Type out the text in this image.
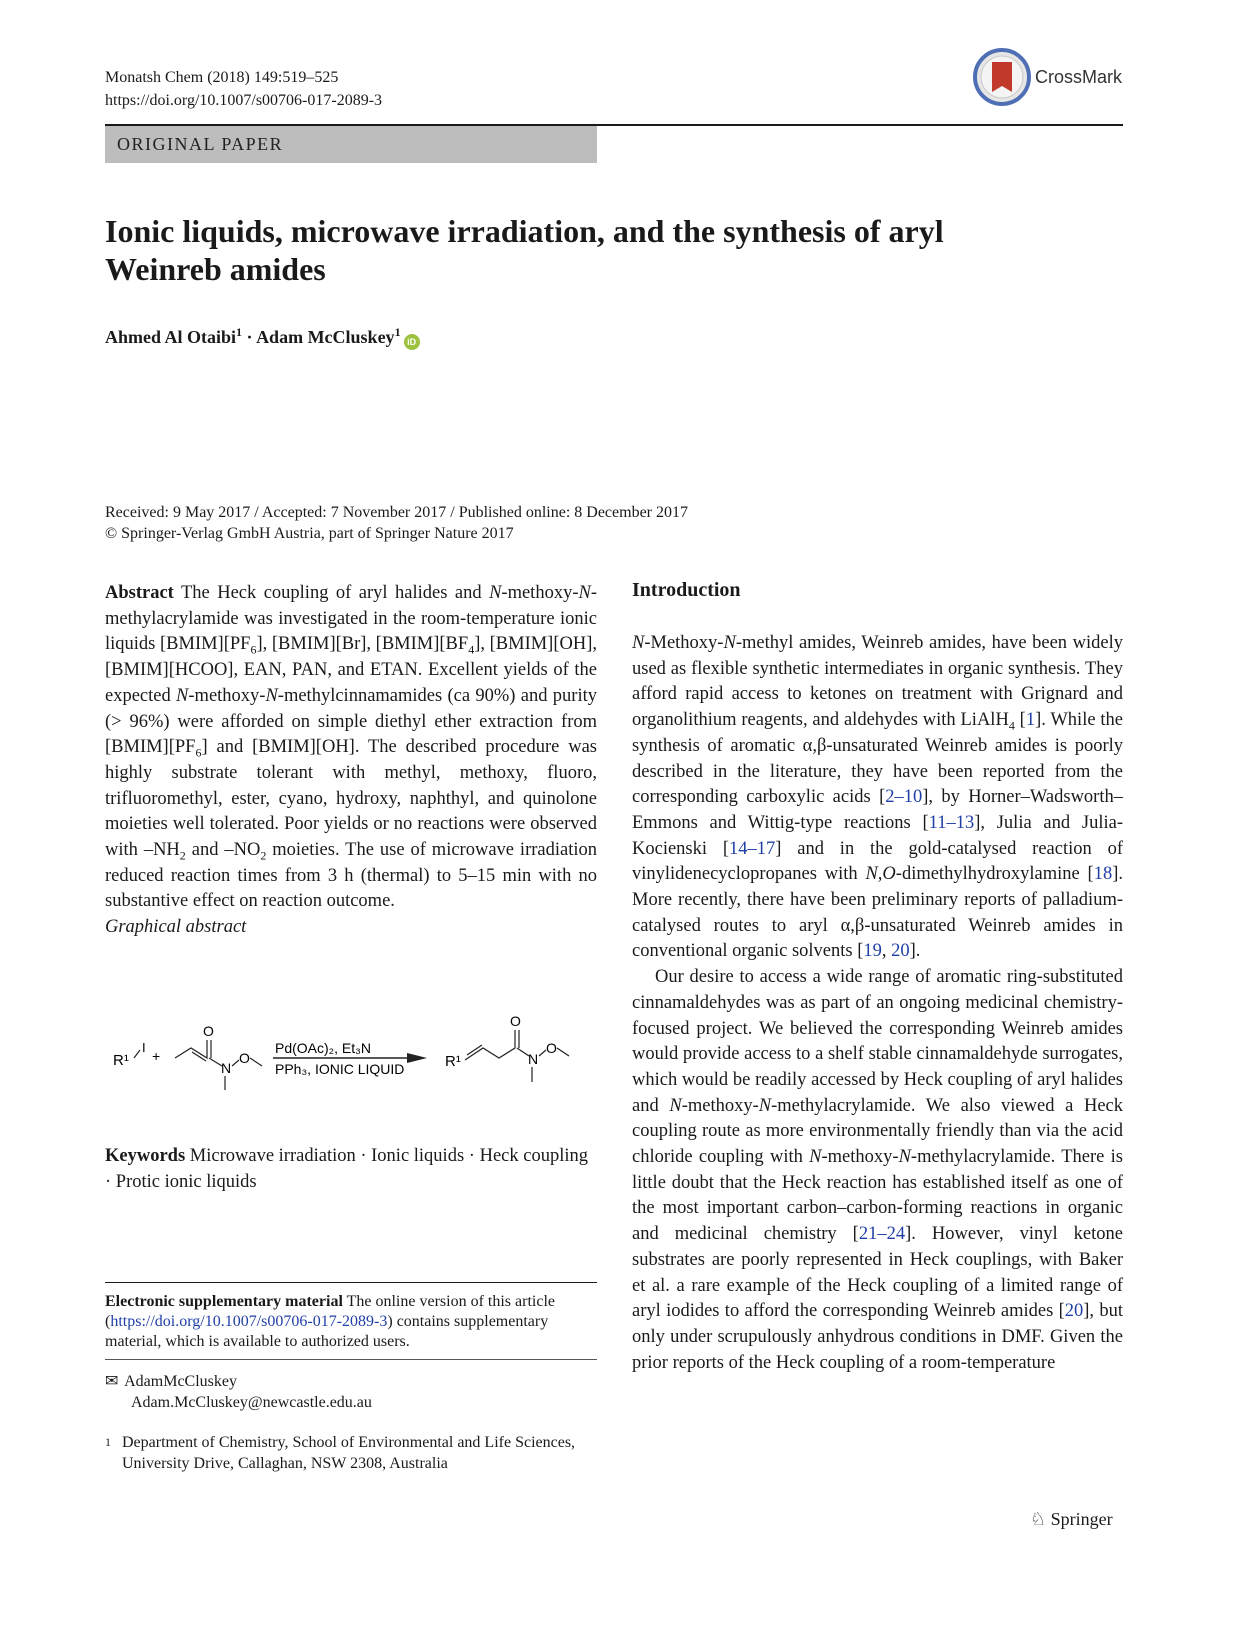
Monatsh Chem (2018) 149:519–525
https://doi.org/10.1007/s00706-017-2089-3
CrossMark
ORIGINAL PAPER
Ionic liquids, microwave irradiation, and the synthesis of aryl Weinreb amides
Ahmed Al Otaibi$^1$ · Adam McCluskey$^1$iD
Received: 9 May 2017 / Accepted: 7 November 2017 / Published online: 8 December 2017
© Springer-Verlag GmbH Austria, part of Springer Nature 2017

Abstract The Heck coupling of aryl halides and N-methoxy-N-methylacrylamide was investigated in the room-temperature ionic liquids $[BMIM][PF_6]$, [BMIM][Br], $[BMIM][BF_4]$, [BMIM][OH], [BMIM][HCOO], EAN, PAN, and ETAN. Excellent yields of the expected N-methoxy-N-methylcinnamamides (ca 90%) and purity (> 96%) were afforded on simple diethyl ether extraction from $[BMIM][PF_6]$ and [BMIM][OH]. The described procedure was highly substrate tolerant with methyl, methoxy, fluoro, trifluoromethyl, ester, cyano, hydroxy, naphthyl, and quinolone moieties well tolerated. Poor yields or no reactions were observed with $-NH_2$ and $-NO_2$ moieties. The use of microwave irradiation reduced reaction times from 3 h (thermal) to 5–15 min with no substantive effect on reaction outcome.

Graphical abstract

R¹
I
+
O
N
O
Pd(OAc)₂, Et₃N
PPh₃, IONIC LIQUID	R¹
O
N
O
Keywords Microwave irradiation · Ionic liquids · Heck coupling · Protic ionic liquids
Electronic supplementary material The online version of this article (https://doi.org/10.1007/s00706-017-2089-3) contains supplementary material, which is available to authorized users.
✉ AdamMcCluskey
Adam.McCluskey@newcastle.edu.au
1 Department of Chemistry, School of Environmental and Life Sciences, University Drive, Callaghan, NSW 2308, Australia
Introduction

N-Methoxy-N-methyl amides, Weinreb amides, have been widely used as flexible synthetic intermediates in organic synthesis. They afford rapid access to ketones on treatment with Grignard and organolithium reagents, and aldehydes with LiAlH$_4$ [1]. While the synthesis of aromatic α,β-unsaturated Weinreb amides is poorly described in the literature, they have been reported from the corresponding carboxylic acids [2–10], by Horner–Wadsworth–Emmons and Wittig-type reactions [11–13], Julia and Julia-Kocienski [14–17] and in the gold-catalysed reaction of vinylidenecyclopropanes with N,O-dimethylhydroxylamine [18]. More recently, there have been preliminary reports of palladium-catalysed routes to aryl α,β-unsaturated Weinreb amides in conventional organic solvents [19, 20].

Our desire to access a wide range of aromatic ring-substituted cinnamaldehydes was as part of an ongoing medicinal chemistry-focused project. We believed the corresponding Weinreb amides would provide access to a shelf stable cinnamaldehyde surrogates, which would be readily accessed by Heck coupling of aryl halides and N-methoxy-N-methylacrylamide. We also viewed a Heck coupling route as more environmentally friendly than via the acid chloride coupling with N-methoxy-N-methylacrylamide. There is little doubt that the Heck reaction has established itself as one of the most important carbon–carbon-forming reactions in organic and medicinal chemistry [21–24]. However, vinyl ketone substrates are poorly represented in Heck couplings, with Baker et al. a rare example of the Heck coupling of a limited range of aryl iodides to afford the corresponding Weinreb amides [20], but only under scrupulously anhydrous conditions in DMF. Given the prior reports of the Heck coupling of a room-temperature

♘ Springer
